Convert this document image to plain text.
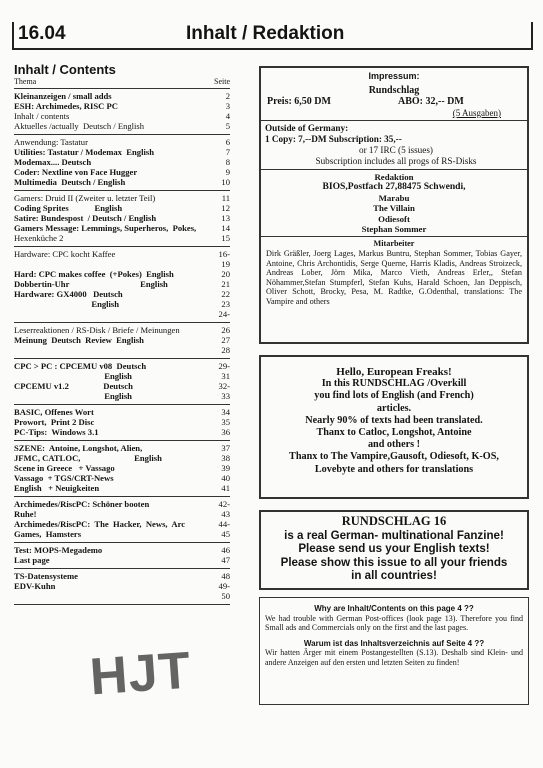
16.04	Inhalt / Redaktion
Inhalt / Contents
Thema	Seite
Kleinanzeigen / small adds	2
ESH: Archimedes, RISC PC	3
Inhalt / contents	4
Aktuelles /actually  Deutsch / English	5
Anwendung: Tastatur	6
Utilities: Tastatur / Modemax  English	7
Modemax.... Deutsch	8
Coder: Nextline von Face Hugger	9
Multimedia  Deutsch / English	10
Gamers: Druid II (Zweiter u. letzter Teil)	11
Coding Sprites            English	12
Satire: Bundespost  / Deutsch / English	13
Gamers Message: Lemmings, Superheros,  Pokes,	14
Hexenküche 2	15
Hardware: CPC kocht Kaffee	16-
19
Hard: CPC makes coffee  (+Pokes)  English	20
Dobbertin-Uhr                                 English	21
Hardware: GX4000   Deutsch	22
English	23
24-
Leserreaktionen / RS-Disk / Briefe / Meinungen	26
Meinung  Deutsch  Review  English	27
28
CPC > PC : CPCEMU v08  Deutsch	29-
English	31
CPCEMU v1.2                Deutsch	32-
English	33
BASIC, Offenes Wort	34
Prowort,  Print 2 Disc	35
PC-Tips:  Windows 3.1	36
SZENE:  Antoine, Longshot, Alien,	37
JFMC, CATLOC,                         English	38
Scene in Greece   + Vassago	39
Vassago  + TGS/CRT-News	40
English   + Neuigkeiten	41
Archimedes/RiscPC: Schöner booten	42-
Ruhe!	43
Archimedes/RiscPC:  The  Hacker,  News,  Arc	44-
Games,  Hamsters	45
Test: MOPS-Megademo	46
Last page	47
TS-Datensysteme	48
EDV-Kuhn	49-
50
Impressum:
Rundschlag
Preis: 6,50 DM	ABO: 32,-- DM
(5 Ausgaben)
Outside of Germany:
1 Copy: 7,--DM Subscription: 35,--
or 17 IRC (5 issues)
Subscription includes all progs of RS-Disks
Redaktion
BIOS,Postfach 27,88475 Schwendi,
Marabu
The Villain
Odiesoft
Stephan Sommer
Mitarbeiter
Dirk Gräßler, Joerg Lages, Markus Buntru, Stephan Sommer, Tobias Gayer, Antoine, Chris Archontidis, Serge Querne, Harris Kladis, Andreas Stroizeck, Andreas Lober, Jörn Mika, Marco Vieth, Andreas Erler,, Stefan Nöhammer,Stefan Stumpferl, Stefan Kuhs, Harald Schoen, Jan Deppisch, Oliver Schott, Brocky, Pesa, M. Radtke, G.Odenthal, translations: The Vampire and others
Hello, European Freaks!
In this RUNDSCHLAG /Overkill
you find lots of English (and French)
articles.
Nearly 90% of texts had been translated.
Thanx to Catloc, Longshot, Antoine
and others !
Thanx to The Vampire,Gausoft, Odiesoft, K-OS,
Lovebyte and others for translations
RUNDSCHLAG 16
is a real German- multinational Fanzine!
Please send us your English texts!
Please show this issue to all your friends
in all countries!
Why are Inhalt/Contents on this page 4 ??
We had trouble with German Post-offices (look page 13). Therefore you find Small ads and Commercials only on the first and the last pages.
Warum ist das Inhaltsverzeichnis auf Seite 4 ??
Wir hatten Ärger mit einem Postangestellten (S.13). Deshalb sind Klein- und andere Anzeigen auf den ersten und letzten Seiten zu finden!
HJT
